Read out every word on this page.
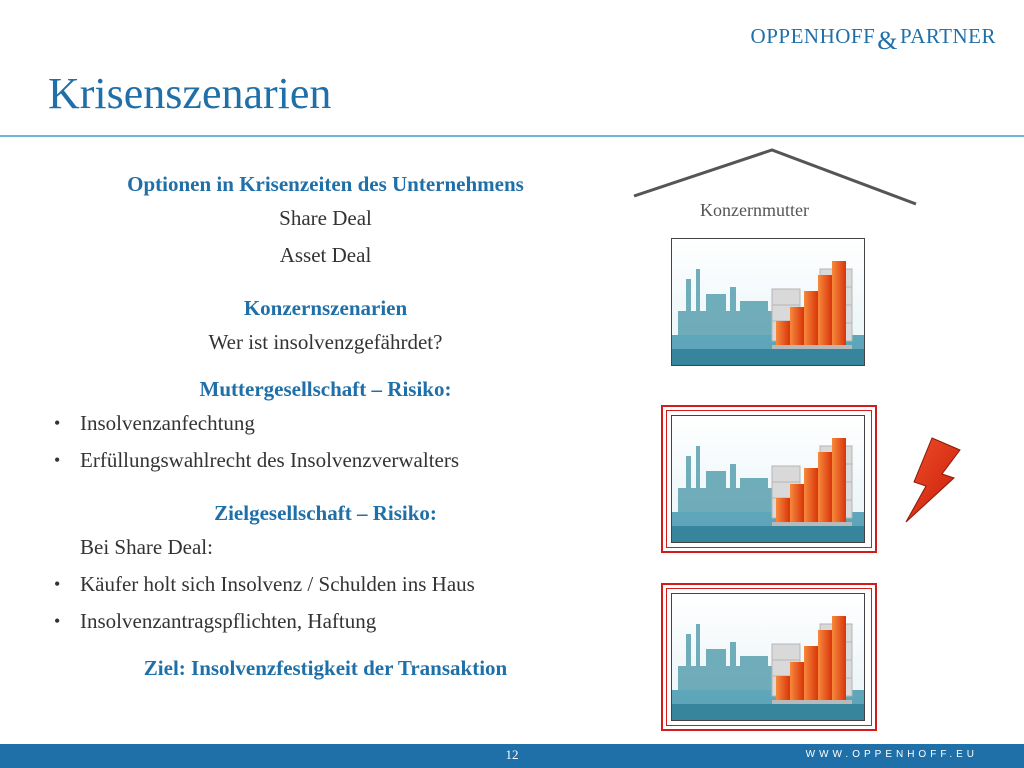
OPPENHOFF&PARTNER
Krisenszenarien
Optionen in Krisenzeiten des Unternehmens
Share Deal
Asset Deal
Konzernszenarien
Wer ist insolvenzgefährdet?
Muttergesellschaft – Risiko:
• Insolvenzanfechtung
• Erfüllungswahlrecht des Insolvenzverwalters
Zielgesellschaft – Risiko:
Bei Share Deal:
• Käufer holt sich Insolvenz / Schulden ins Haus
• Insolvenzantragspflichten, Haftung
Ziel: Insolvenzfestigkeit der Transaktion
Konzernmutter
12	WWW.OPPENHOFF.EU
